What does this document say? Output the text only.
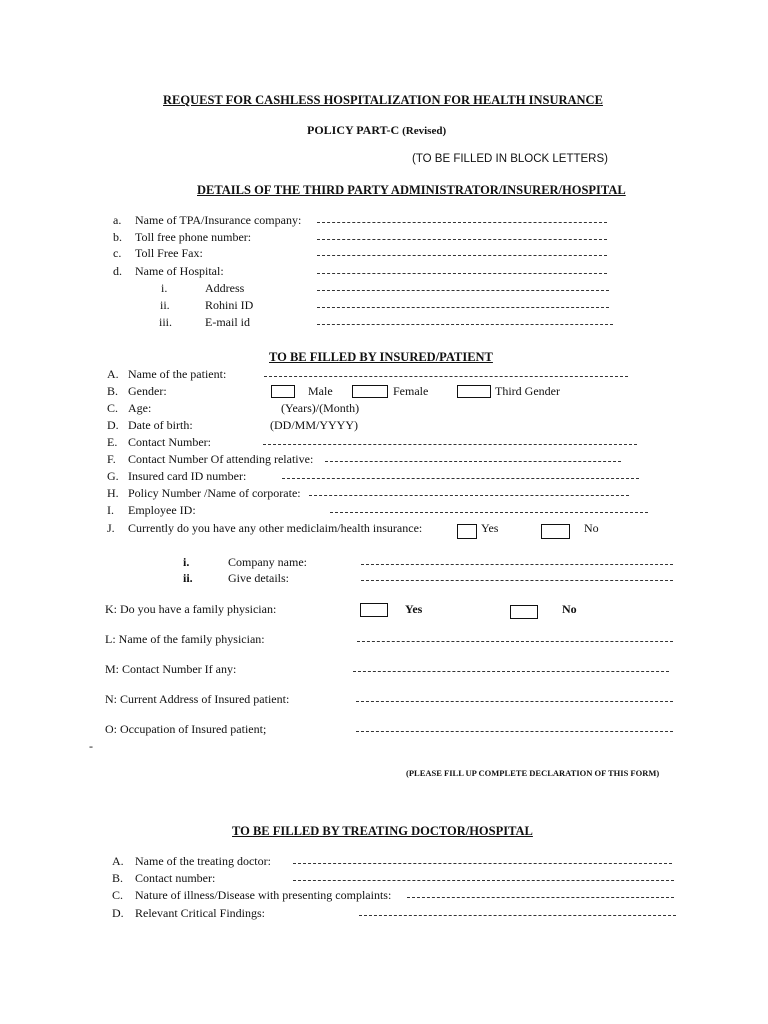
REQUEST FOR CASHLESS HOSPITALIZATION FOR HEALTH INSURANCE
POLICY PART-C (Revised)
(TO BE FILLED IN BLOCK LETTERS)
DETAILS OF THE THIRD PARTY ADMINISTRATOR/INSURER/HOSPITAL
a. Name of TPA/Insurance company:
b. Toll free phone number:
c. Toll Free Fax:
d. Name of Hospital:
i.	Address
ii.	Rohini ID
iii.	E-mail id
TO BE FILLED BY INSURED/PATIENT
A. Name of the patient:
B. Gender:	Male	Female	Third Gender
C. Age:	(Years)/(Month)
D. Date of birth:	(DD/MM/YYYY)
E. Contact Number:
F. Contact Number Of attending relative:
G. Insured card ID number:
H. Policy Number /Name of corporate:
I. Employee ID:
J. Currently do you have any other mediclaim/health insurance:	Yes	No
i.	Company name:
ii.	Give details:
K: Do you have a family physician:	Yes	No
L: Name of the family physician:
M: Contact Number If any:
N: Current Address of Insured patient:
O: Occupation of Insured patient;
-
(PLEASE FILL UP COMPLETE DECLARATION OF THIS FORM)
TO BE FILLED BY TREATING DOCTOR/HOSPITAL
A. Name of the treating doctor:
B. Contact number:
C. Nature of illness/Disease with presenting complaints:
D. Relevant Critical Findings:
